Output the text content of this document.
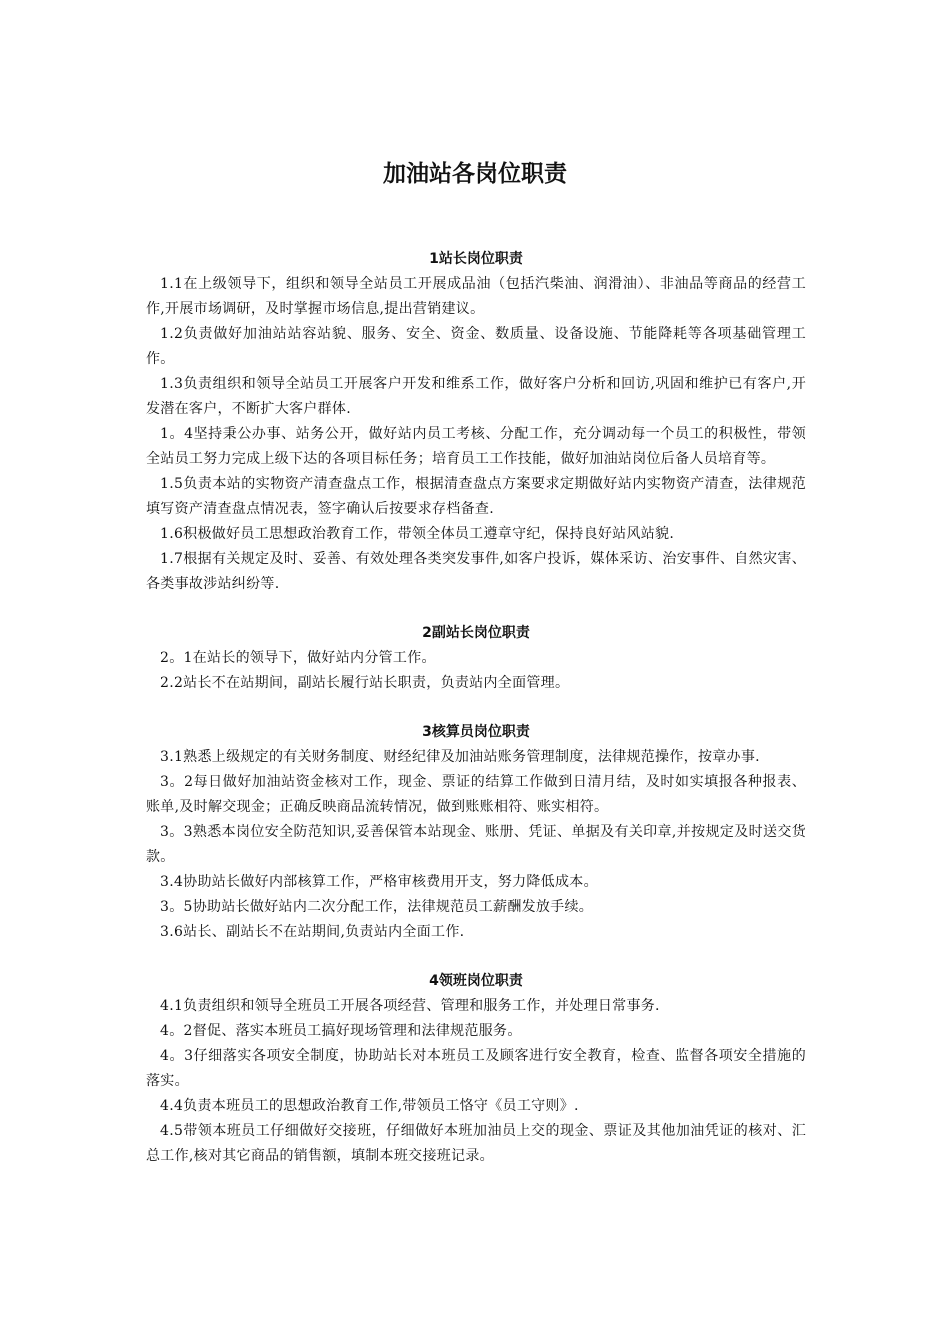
加油站各岗位职责

1站长岗位职责

1.1在上级领导下，组织和领导全站员工开展成品油（包括汽柴油、润滑油）、非油品等商品的经营工作,开展市场调研，及时掌握市场信息,提出营销建议。

1.2负责做好加油站站容站貌、服务、安全、资金、数质量、设备设施、节能降耗等各项基础管理工作。

1.3负责组织和领导全站员工开展客户开发和维系工作，做好客户分析和回访,巩固和维护已有客户,开发潜在客户，不断扩大客户群体.

1。4坚持秉公办事、站务公开，做好站内员工考核、分配工作，充分调动每一个员工的积极性，带领全站员工努力完成上级下达的各项目标任务；培育员工工作技能，做好加油站岗位后备人员培育等。

1.5负责本站的实物资产清查盘点工作，根据清查盘点方案要求定期做好站内实物资产清查，法律规范填写资产清查盘点情况表，签字确认后按要求存档备查.

1.6积极做好员工思想政治教育工作，带领全体员工遵章守纪，保持良好站风站貌.

1.7根据有关规定及时、妥善、有效处理各类突发事件,如客户投诉，媒体采访、治安事件、自然灾害、各类事故涉站纠纷等.

2副站长岗位职责

2。1在站长的领导下，做好站内分管工作。

2.2站长不在站期间，副站长履行站长职责，负责站内全面管理。

3核算员岗位职责

3.1熟悉上级规定的有关财务制度、财经纪律及加油站账务管理制度，法律规范操作，按章办事.

3。2每日做好加油站资金核对工作，现金、票证的结算工作做到日清月结，及时如实填报各种报表、账单,及时解交现金；正确反映商品流转情况，做到账账相符、账实相符。

3。3熟悉本岗位安全防范知识,妥善保管本站现金、账册、凭证、单据及有关印章,并按规定及时送交货款。

3.4协助站长做好内部核算工作，严格审核费用开支，努力降低成本。

3。5协助站长做好站内二次分配工作，法律规范员工薪酬发放手续。

3.6站长、副站长不在站期间,负责站内全面工作.

4领班岗位职责

4.1负责组织和领导全班员工开展各项经营、管理和服务工作，并处理日常事务.

4。2督促、落实本班员工搞好现场管理和法律规范服务。

4。3仔细落实各项安全制度，协助站长对本班员工及顾客进行安全教育，检查、监督各项安全措施的落实。

4.4负责本班员工的思想政治教育工作,带领员工恪守《员工守则》.

4.5带领本班员工仔细做好交接班，仔细做好本班加油员上交的现金、票证及其他加油凭证的核对、汇总工作,核对其它商品的销售额，填制本班交接班记录。
